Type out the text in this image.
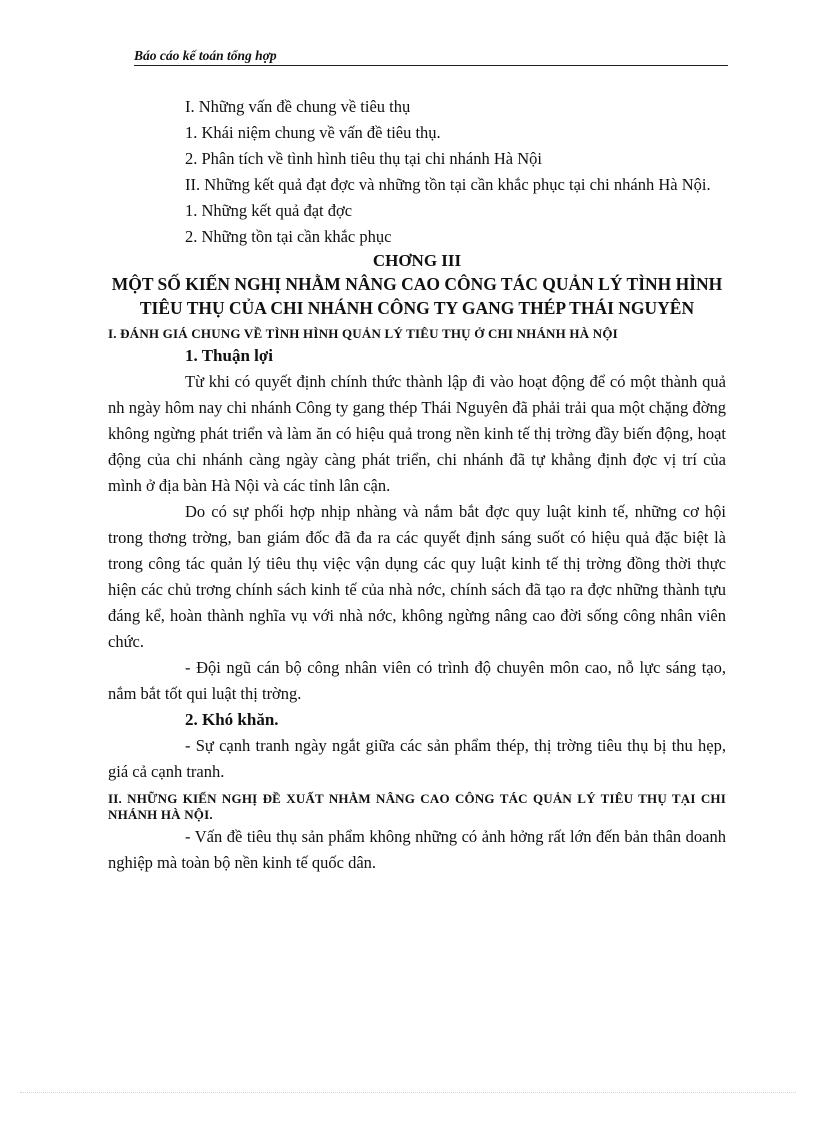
Báo cáo kế toán tổng hợp

I. Những vấn đề chung về tiêu thụ

1. Khái niệm chung về vấn đề tiêu thụ.

2. Phân tích về tình hình tiêu thụ tại chi nhánh Hà Nội

II. Những kết quả đạt đợc và những tồn tại cần khắc phục tại chi nhánh Hà Nội.

1. Những kết quả đạt đợc

2. Những tồn tại cần khắc phục

CHƠNG III

MỘT SỐ KIẾN NGHỊ NHẰM NÂNG CAO CÔNG TÁC QUẢN LÝ TÌNH HÌNH TIÊU THỤ CỦA CHI NHÁNH CÔNG TY GANG THÉP THÁI NGUYÊN

I. ĐÁNH GIÁ CHUNG VỀ TÌNH HÌNH QUẢN LÝ TIÊU THỤ Ở CHI NHÁNH HÀ NỘI

1. Thuận lợi

Từ khi có quyết định chính thức thành lập đi vào hoạt động để có một thành quả nh ngày hôm nay chi nhánh Công ty gang thép Thái Nguyên đã phải trải qua một chặng đờng không ngừng phát triển và làm ăn có hiệu quả trong nền kinh tế thị trờng đầy biến động, hoạt động của chi nhánh càng ngày càng phát triển, chi nhánh đã tự khẳng định đợc vị trí của mình ở địa bàn Hà Nội và các tỉnh lân cận.

Do có sự phối hợp nhịp nhàng và nắm bắt đợc quy luật kinh tế, những cơ hội trong thơng trờng, ban giám đốc đã đa ra các quyết định sáng suốt có hiệu quả đặc biệt là trong công tác quản lý tiêu thụ việc vận dụng các quy luật kinh tế thị trờng đồng thời thực hiện các chủ trơng chính sách kinh tế của nhà nớc, chính sách đã tạo ra đợc những thành tựu đáng kể, hoàn thành nghĩa vụ với nhà nớc, không ngừng nâng cao đời sống công nhân viên chức.

- Đội ngũ cán bộ công nhân viên có trình độ chuyên môn cao, nỗ lực sáng tạo, nắm bắt tốt qui luật thị trờng.

2. Khó khăn.

- Sự cạnh tranh ngày ngắt giữa các sản phẩm thép, thị trờng tiêu thụ bị thu hẹp, giá cả cạnh tranh.

II. NHỮNG KIẾN NGHỊ ĐỀ XUẤT NHẰM NÂNG CAO CÔNG TÁC QUẢN LÝ TIÊU THỤ TẠI CHI NHÁNH HÀ NỘI.

- Vấn đề tiêu thụ sản phẩm không những có ảnh hởng rất lớn đến bản thân doanh nghiệp mà toàn bộ nền kinh tế quốc dân.
